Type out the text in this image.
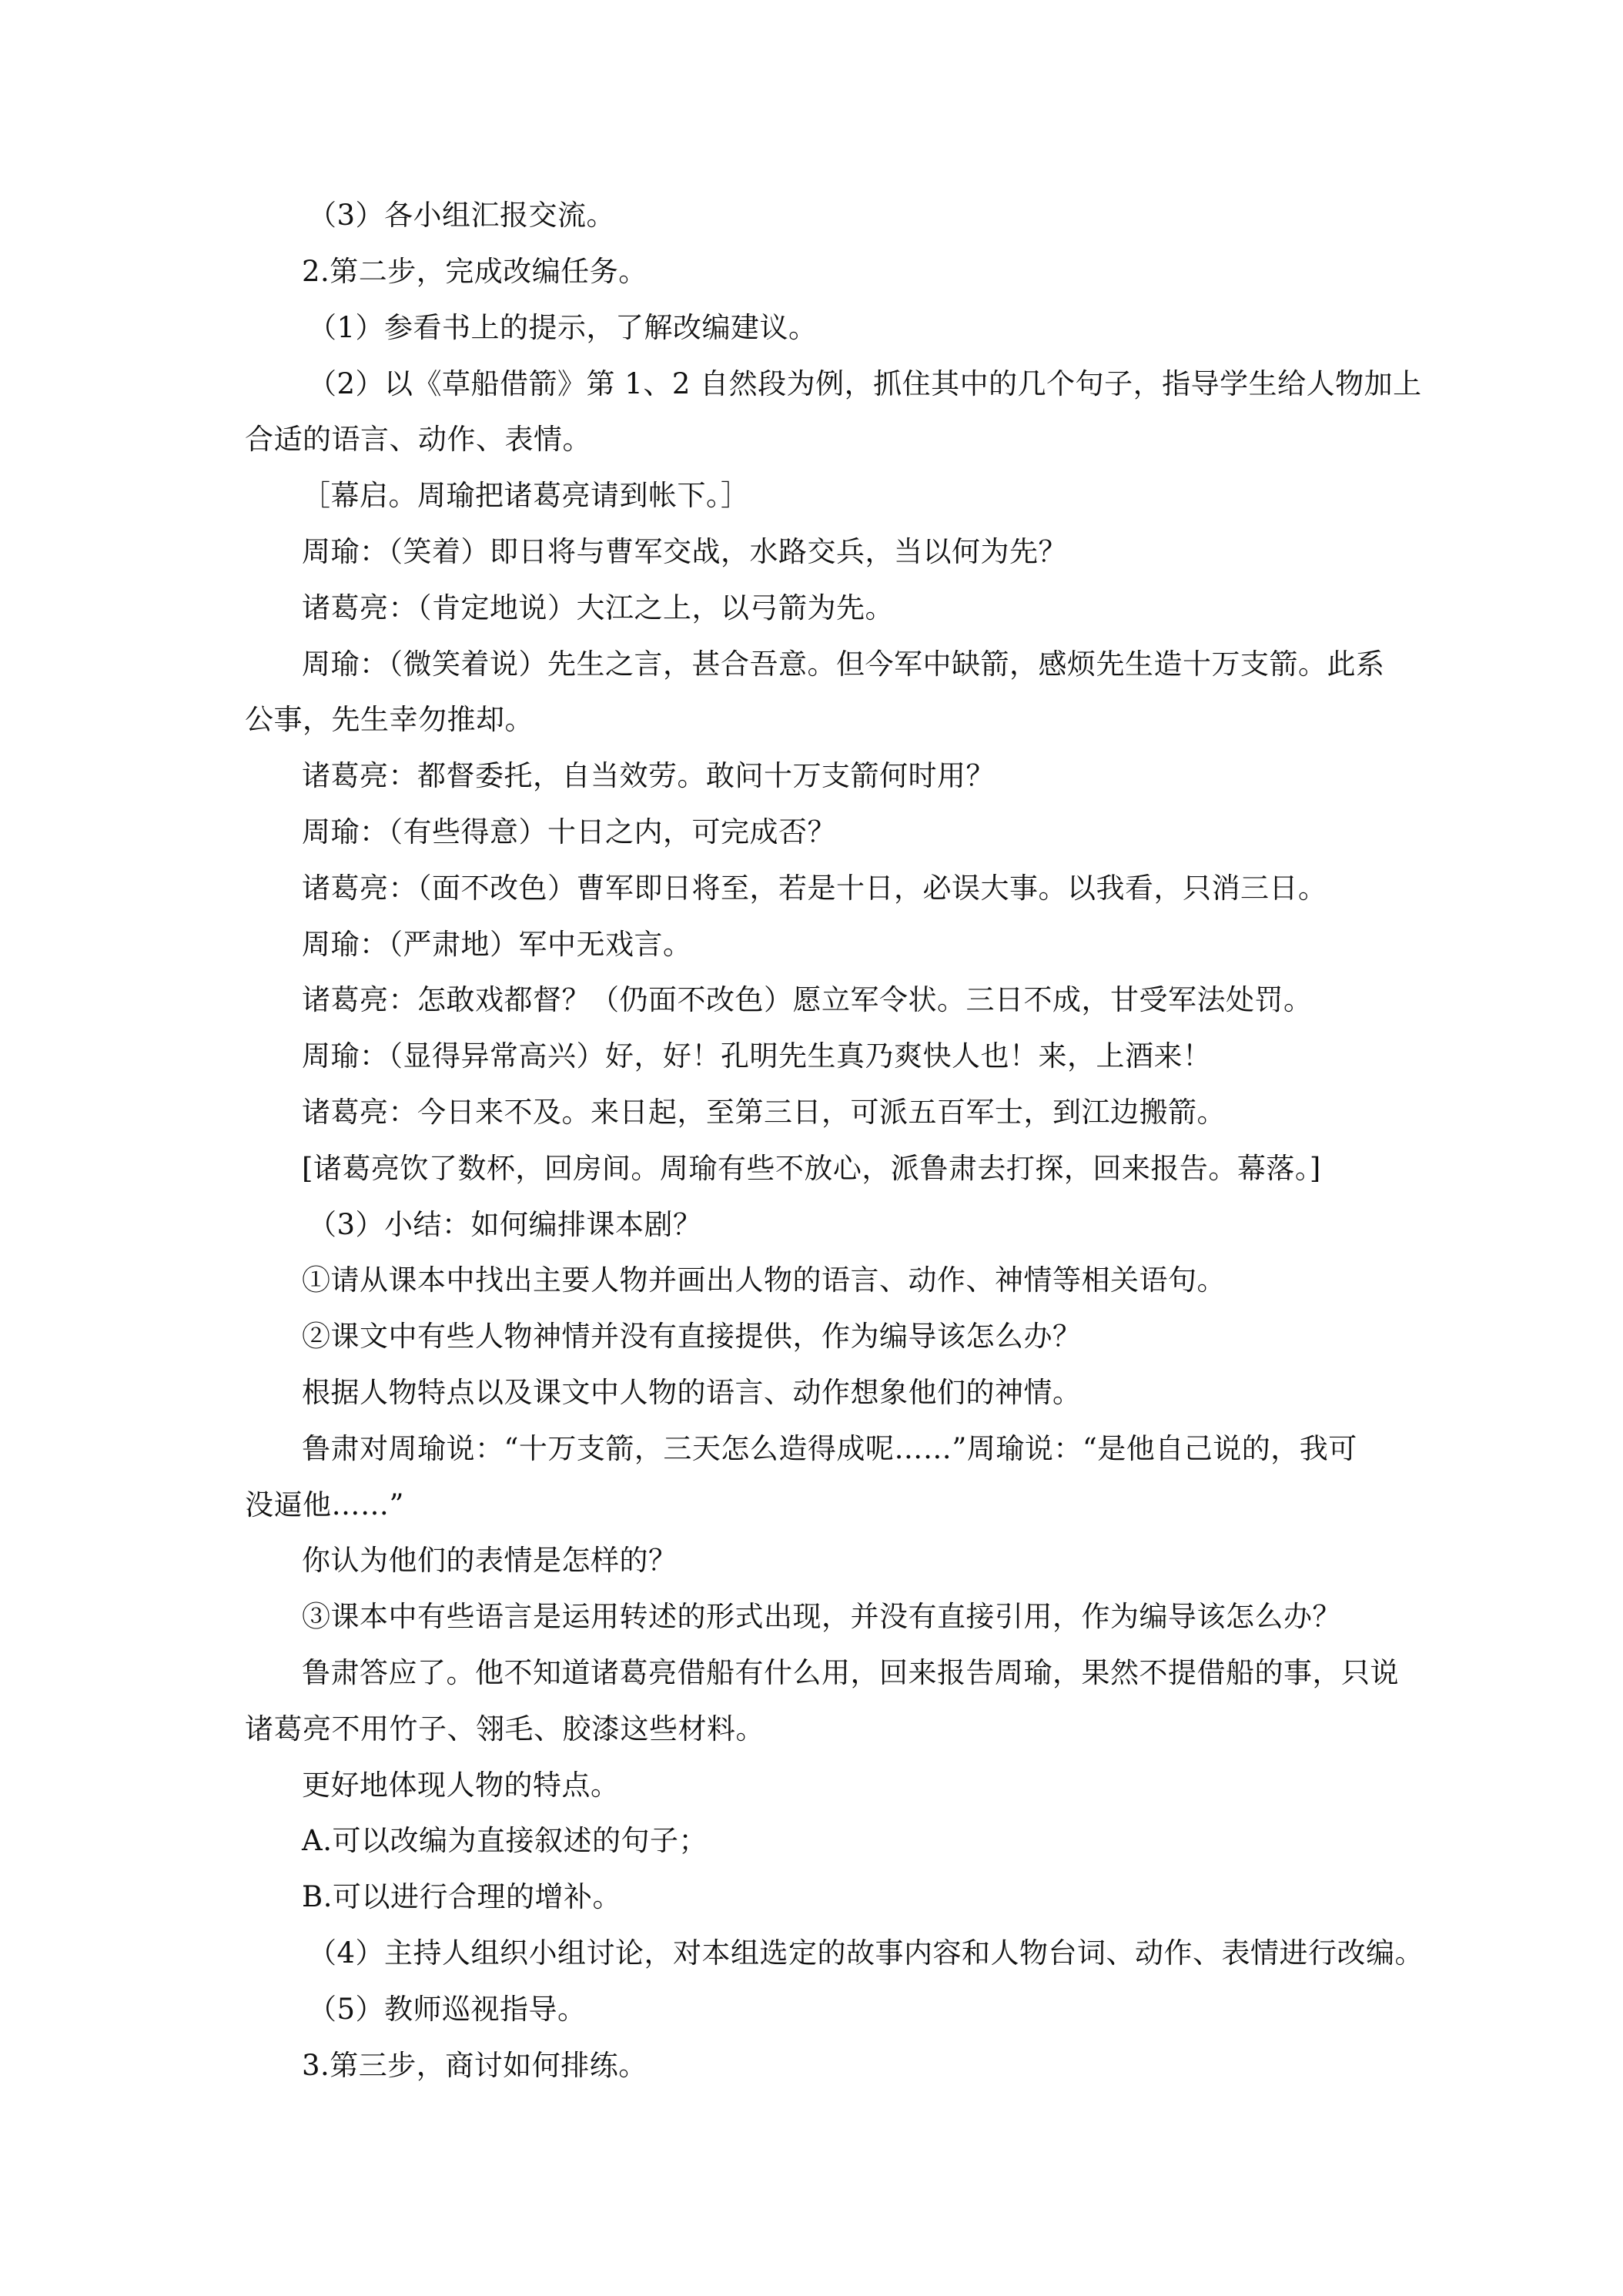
（3）各小组汇报交流。
2.第二步，完成改编任务。
（1）参看书上的提示，了解改编建议。
（2）以《草船借箭》第 1、2 自然段为例，抓住其中的几个句子，指导学生给人物加上
合适的语言、动作、表情。
［幕启。周瑜把诸葛亮请到帐下。］
周瑜：（笑着）即日将与曹军交战，水路交兵，当以何为先？
诸葛亮：（肯定地说）大江之上，以弓箭为先。
周瑜：（微笑着说）先生之言，甚合吾意。但今军中缺箭，感烦先生造十万支箭。此系
公事，先生幸勿推却。
诸葛亮：都督委托，自当效劳。敢问十万支箭何时用？
周瑜：（有些得意）十日之内，可完成否？
诸葛亮：（面不改色）曹军即日将至，若是十日，必误大事。以我看，只消三日。
周瑜：（严肃地）军中无戏言。
诸葛亮：怎敢戏都督？（仍面不改色）愿立军令状。三日不成，甘受军法处罚。
周瑜：（显得异常高兴）好，好！孔明先生真乃爽快人也！来，上酒来！
诸葛亮：今日来不及。来日起，至第三日，可派五百军士，到江边搬箭。
[诸葛亮饮了数杯，回房间。周瑜有些不放心，派鲁肃去打探，回来报告。幕落。]
（3）小结：如何编排课本剧？
①请从课本中找出主要人物并画出人物的语言、动作、神情等相关语句。
②课文中有些人物神情并没有直接提供，作为编导该怎么办？
根据人物特点以及课文中人物的语言、动作想象他们的神情。
鲁肃对周瑜说：“十万支箭，三天怎么造得成呢……”周瑜说：“是他自己说的，我可
没逼他……”
你认为他们的表情是怎样的？
③课本中有些语言是运用转述的形式出现，并没有直接引用，作为编导该怎么办？
鲁肃答应了。他不知道诸葛亮借船有什么用，回来报告周瑜，果然不提借船的事，只说
诸葛亮不用竹子、翎毛、胶漆这些材料。
更好地体现人物的特点。
A.可以改编为直接叙述的句子；
B.可以进行合理的增补。
（4）主持人组织小组讨论，对本组选定的故事内容和人物台词、动作、表情进行改编。
（5）教师巡视指导。
3.第三步，商讨如何排练。
